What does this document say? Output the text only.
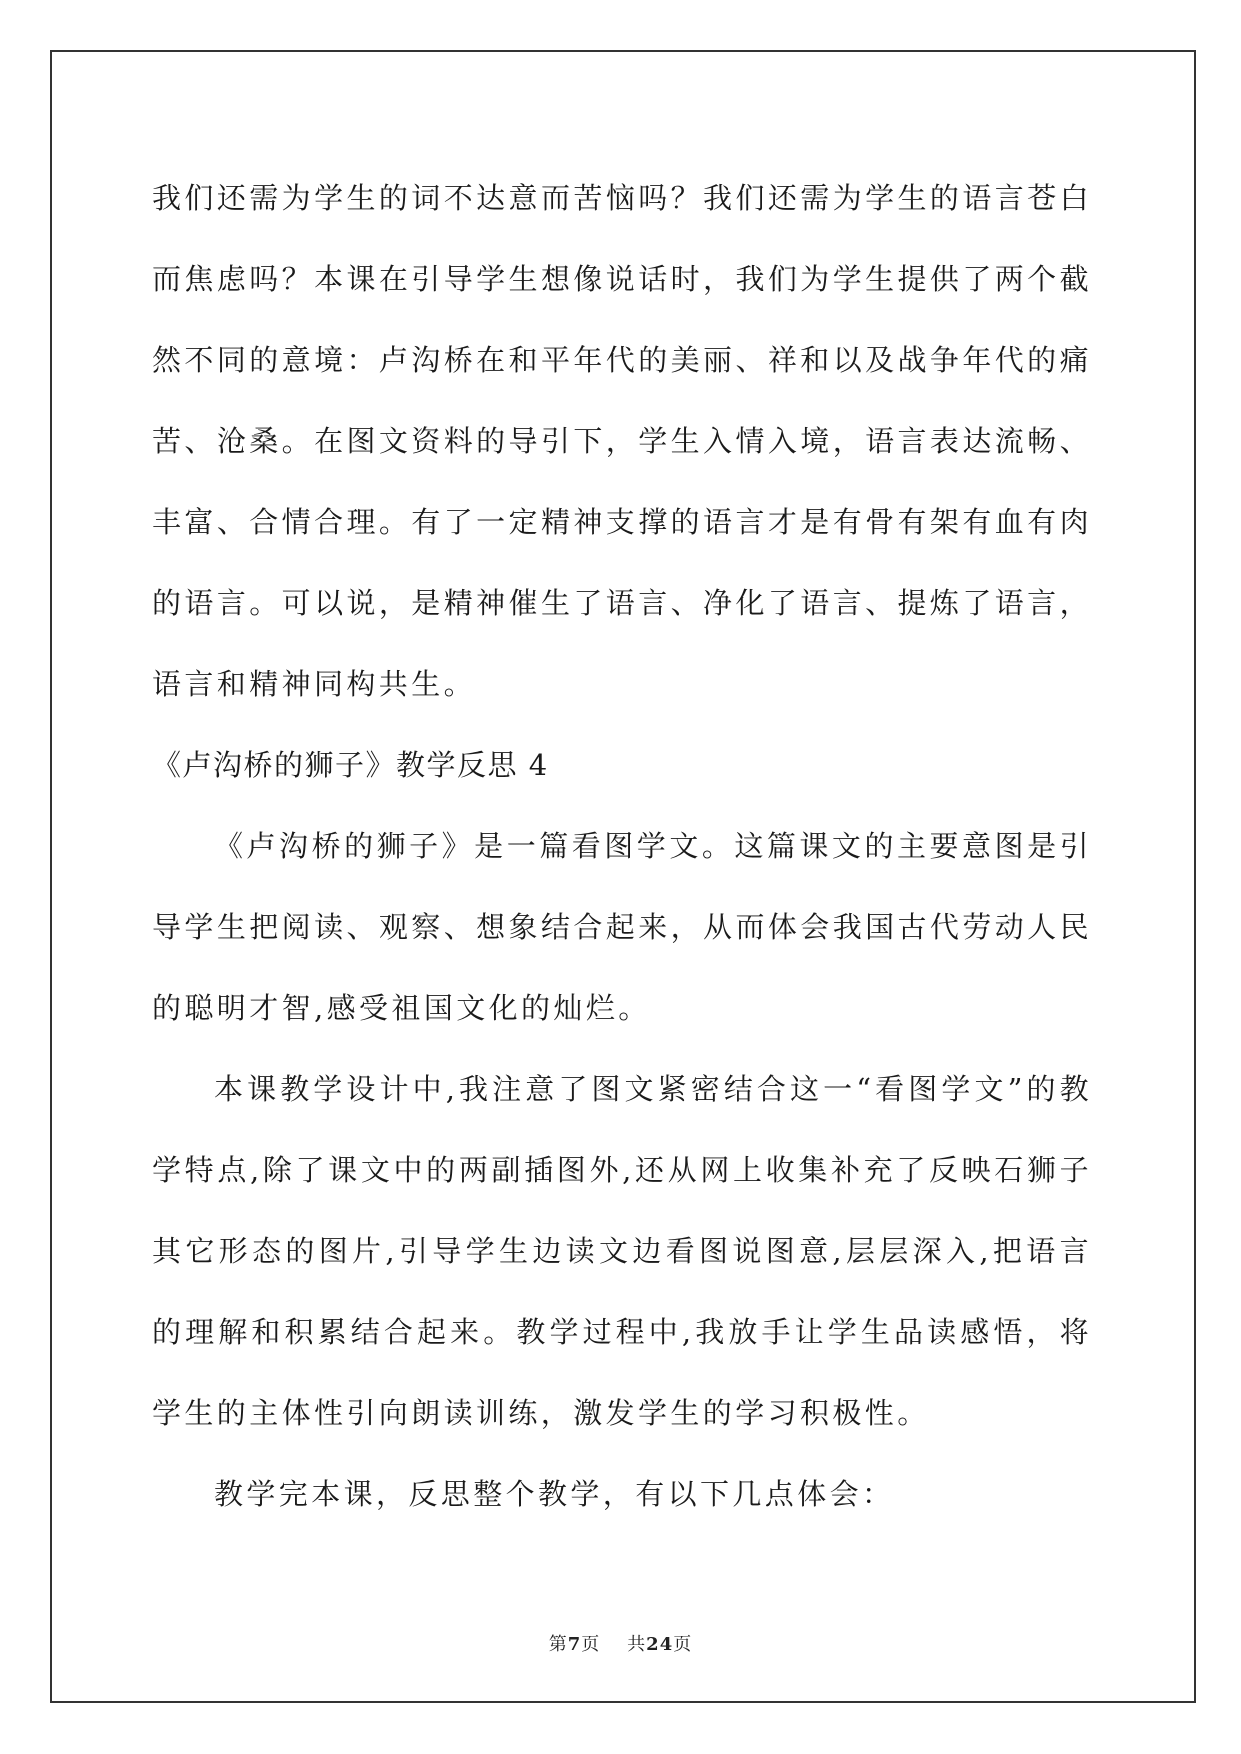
我们还需为学生的词不达意而苦恼吗？我们还需为学生的语言苍白而焦虑吗？本课在引导学生想像说话时，我们为学生提供了两个截然不同的意境：卢沟桥在和平年代的美丽、祥和以及战争年代的痛苦、沧桑。在图文资料的导引下，学生入情入境，语言表达流畅、丰富、合情合理。有了一定精神支撑的语言才是有骨有架有血有肉的语言。可以说，是精神催生了语言、净化了语言、提炼了语言，语言和精神同构共生。

《卢沟桥的狮子》教学反思 4

《卢沟桥的狮子》是一篇看图学文。这篇课文的主要意图是引导学生把阅读、观察、想象结合起来，从而体会我国古代劳动人民的聪明才智,感受祖国文化的灿烂。

本课教学设计中,我注意了图文紧密结合这一“看图学文”的教学特点,除了课文中的两副插图外,还从网上收集补充了反映石狮子其它形态的图片,引导学生边读文边看图说图意,层层深入,把语言的理解和积累结合起来。教学过程中,我放手让学生品读感悟，将学生的主体性引向朗读训练，激发学生的学习积极性。

教学完本课，反思整个教学，有以下几点体会：

第7页 共24页
